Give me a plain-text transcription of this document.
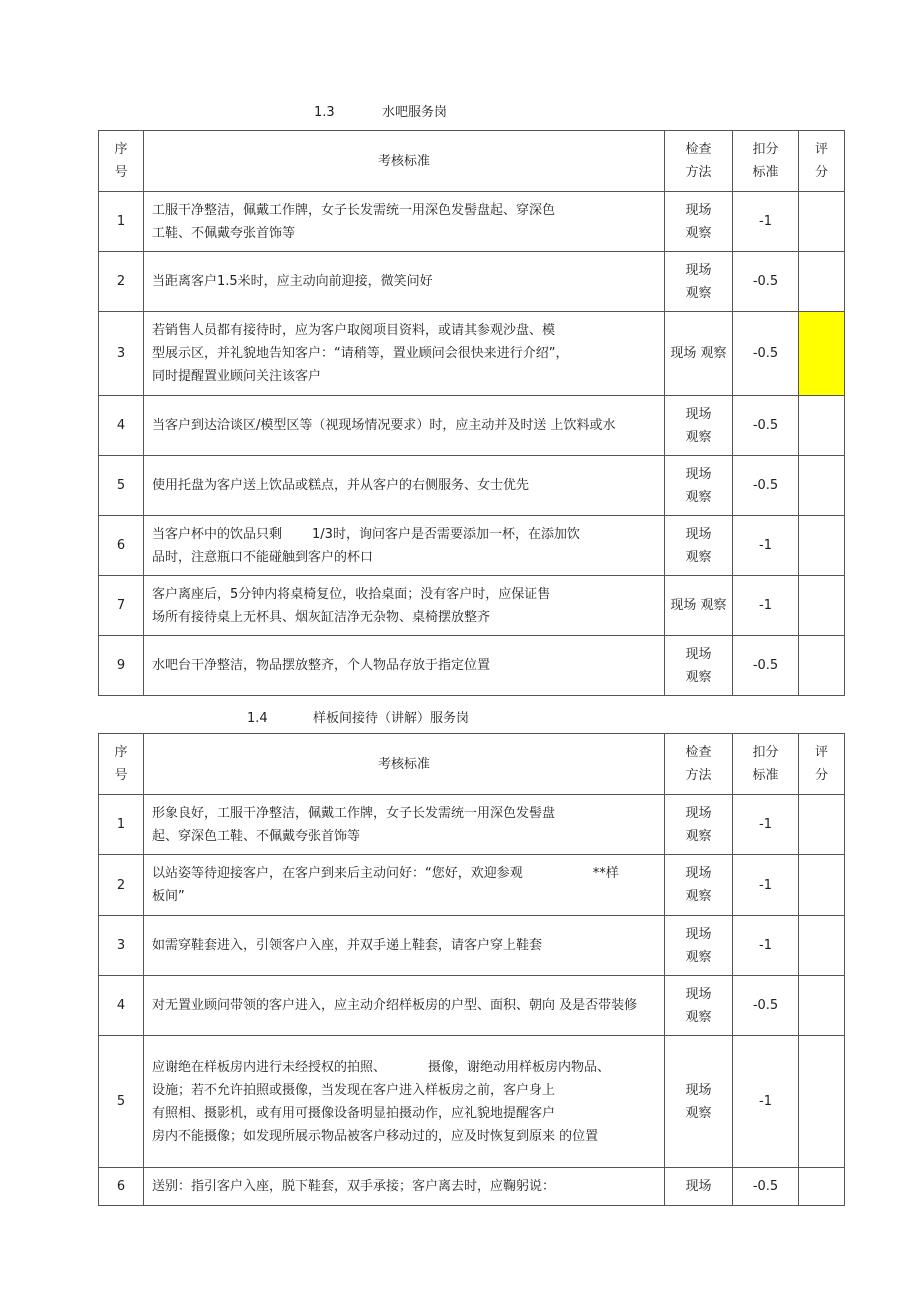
1.3	水吧服务岗
序
号	考核标准	检查
方法	扣分
标准	评
分

1	工服干净整洁，佩戴工作牌，女子长发需统一用深色发髻盘起、穿深色
工鞋、不佩戴夸张首饰等	现场
观察	-1	
2	当距离客户1.5米时，应主动向前迎接，微笑问好	现场
观察	-0.5	
3	若销售人员都有接待时，应为客户取阅项目资料，或请其参观沙盘、模
型展示区，并礼貌地告知客户：“请稍等，置业顾问会很快来进行介绍”，
同时提醒置业顾问关注该客户	现场 观察	-0.5	
4	当客户到达洽谈区/模型区等（视现场情况要求）时，应主动并及时送 上饮料或水	现场
观察	-0.5	
5	使用托盘为客户送上饮品或糕点，并从客户的右侧服务、女士优先	现场
观察	-0.5	
6	当客户杯中的饮品只剩 1/3时，询问客户是否需要添加一杯，在添加饮
品时，注意瓶口不能碰触到客户的杯口	现场
观察	-1	
7	客户离座后，5分钟内将桌椅复位，收拾桌面；没有客户时，应保证售
场所有接待桌上无杯具、烟灰缸洁净无杂物、桌椅摆放整齐	现场 观察	-1	
9	水吧台干净整洁，物品摆放整齐，个人物品存放于指定位置	现场
观察	-0.5	
1.4	样板间接待（讲解）服务岗
序
号	考核标准	检查
方法	扣分
标准	评
分

1	形象良好，工服干净整洁，佩戴工作牌，女子长发需统一用深色发髻盘
起、穿深色工鞋、不佩戴夸张首饰等	现场
观察	-1	
2	以站姿等待迎接客户，在客户到来后主动问好：“您好，欢迎参观 **样
板间”	现场
观察	-1	
3	如需穿鞋套进入，引领客户入座，并双手递上鞋套，请客户穿上鞋套	现场
观察	-1	
4	对无置业顾问带领的客户进入，应主动介绍样板房的户型、面积、朝向 及是否带装修	现场
观察	-0.5	
5	应谢绝在样板房内进行未经授权的拍照、 摄像，谢绝动用样板房内物品、
设施；若不允许拍照或摄像，当发现在客户进入样板房之前，客户身上
有照相、摄影机，或有用可摄像设备明显拍摄动作，应礼貌地提醒客户
房内不能摄像；如发现所展示物品被客户移动过的，应及时恢复到原来 的位置	现场
观察	-1	
6	送别：指引客户入座，脱下鞋套，双手承接；客户离去时，应鞠躬说：	现场	-0.5	
